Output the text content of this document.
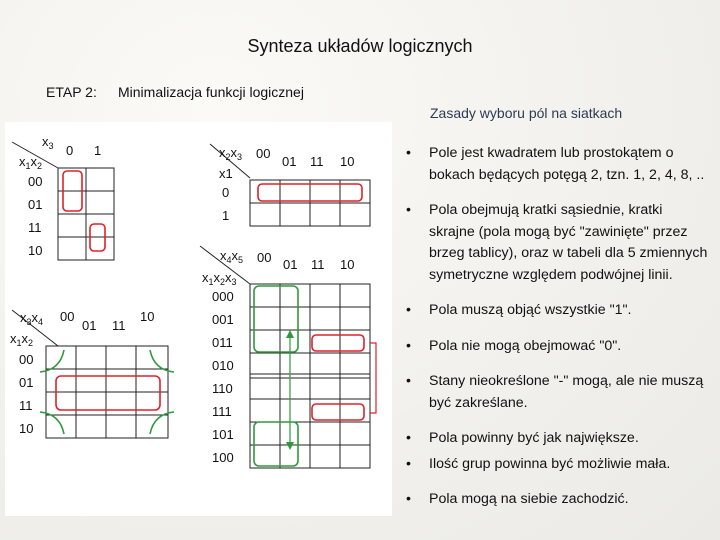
Synteza układów logicznych
ETAP 2: Minimalizacja funkcji logicznej
Zasady wyboru pól na siatkach
$x_3$
$x_1x_2$
0 1
00
01
11
10
$x_2x_3$
x1
00
01 11 10
0
1
$x_3x_4$
$x_1x_2$
00
01 11
10
00
01
11
10
$x_4x_5$
$x_1x_2x_3$
00 01 11 10
000
001
011
010
110
111
101
100
• Pole jest kwadratem lub prostokątem o bokach będących potęgą 2, tzn. 1, 2, 4, 8, ..
• Pola obejmują kratki sąsiednie, kratki skrajne (pola mogą być "zawinięte" przez brzeg tablicy), oraz w tabeli dla 5 zmiennych symetryczne względem podwójnej linii.
• Pola muszą objąć wszystkie "1".
• Pola nie mogą obejmować "0".
• Stany nieokreślone "-" mogą, ale nie muszą być zakreślane.
• Pola powinny być jak największe.
• Ilość grup powinna być możliwie mała.
• Pola mogą na siebie zachodzić.
